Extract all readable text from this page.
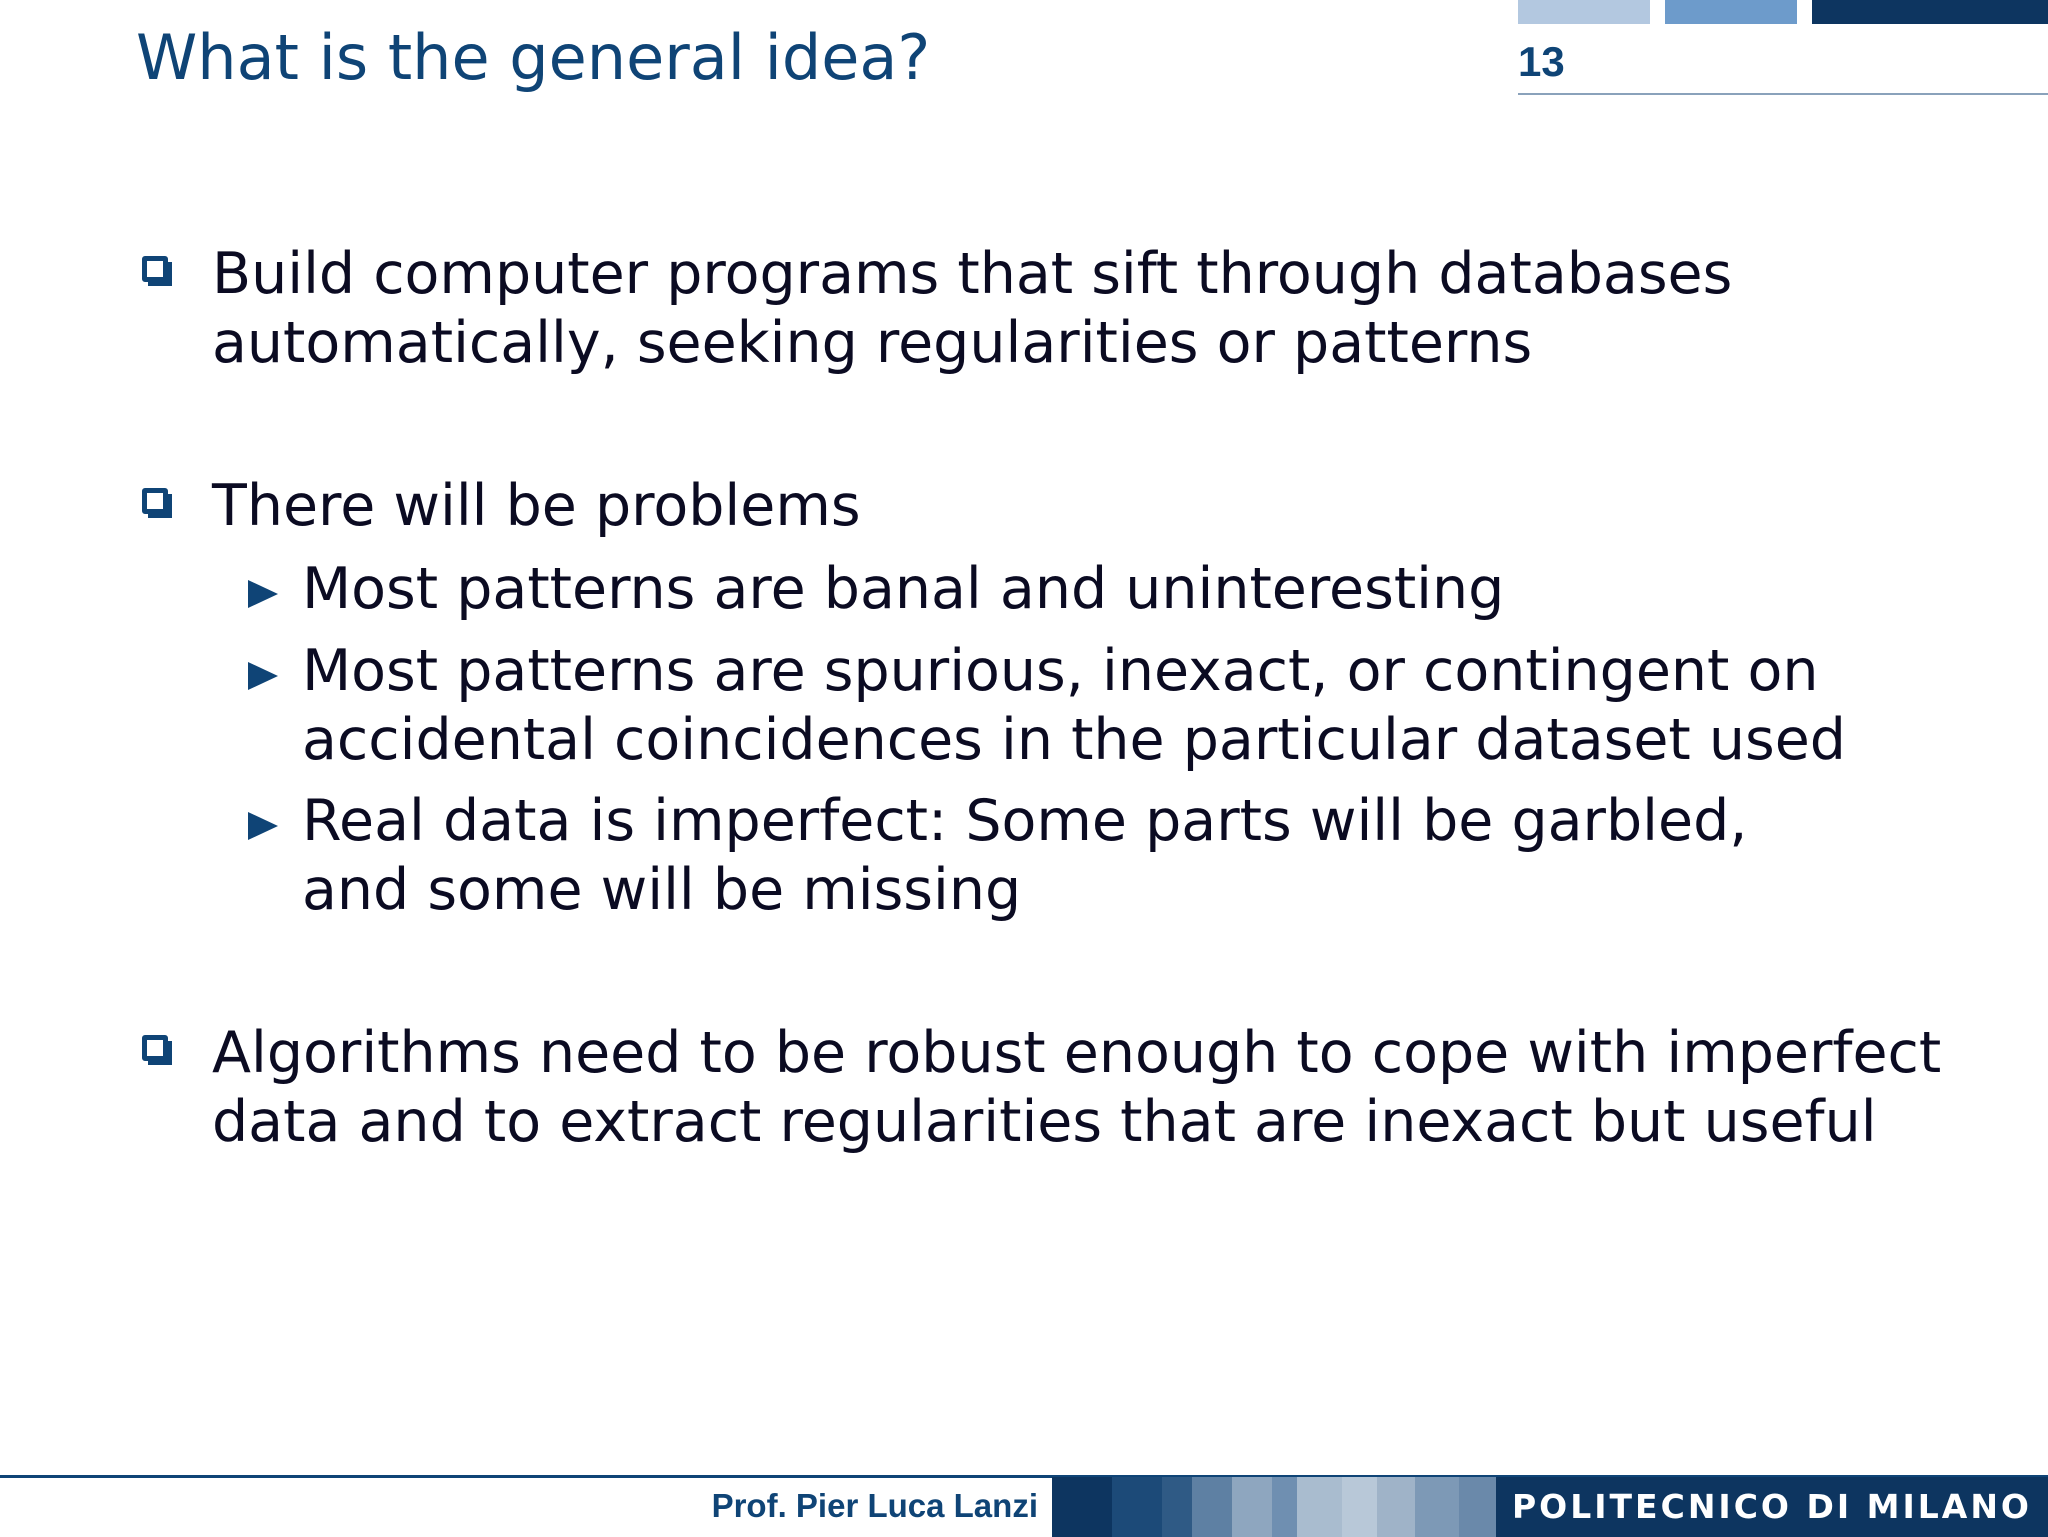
What is the general idea?	13
Build computer programs that sift through databases
automatically, seeking regularities or patterns
There will be problems
Most patterns are banal and uninteresting
Most patterns are spurious, inexact, or contingent on
accidental coincidences in the particular dataset used
Real data is imperfect: Some parts will be garbled,
and some will be missing
Algorithms need to be robust enough to cope with imperfect
data and to extract regularities that are inexact but useful
Prof. Pier Luca Lanzi	POLITECNICO DI MILANO
